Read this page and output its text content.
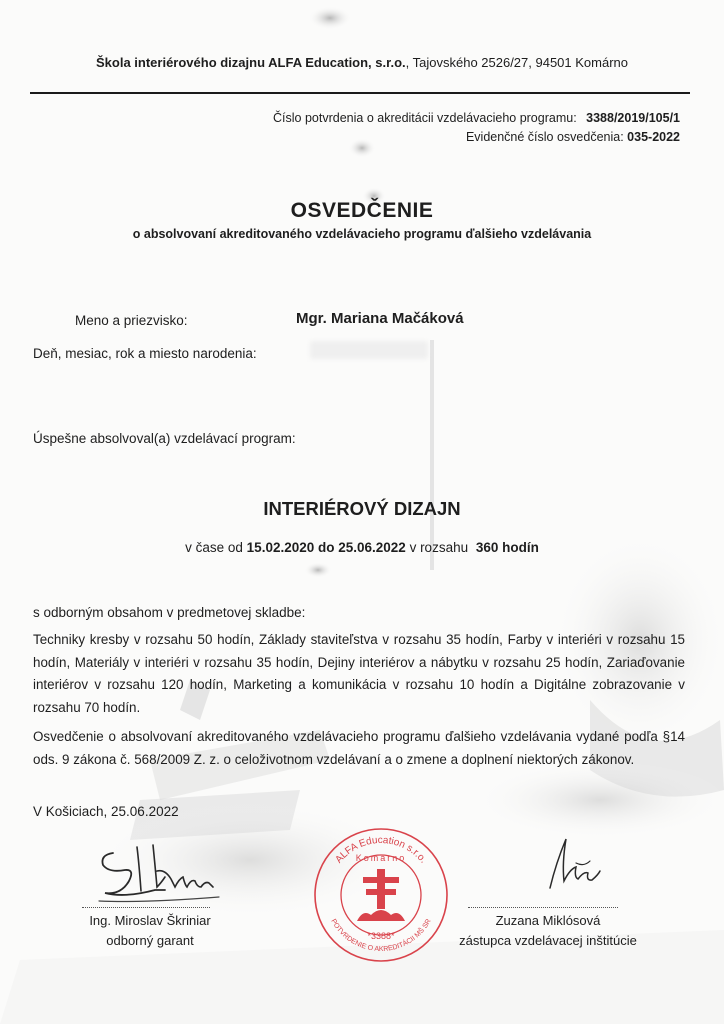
Škola interiérového dizajnu ALFA Education, s.r.o., Tajovského 2526/27, 94501 Komárno
Číslo potvrdenia o akreditácii vzdelávacieho programu: 3388/2019/105/1
Evidenčné číslo osvedčenia: 035-2022
OSVEDČENIE
o absolvovaní akreditovaného vzdelávacieho programu ďalšieho vzdelávania
Meno a priezvisko:	Mgr. Mariana Mačáková
Deň, mesiac, rok a miesto narodenia:
Úspešne absolvoval(a) vzdelávací program:
INTERIÉROVÝ DIZAJN
v čase od 15.02.2020 do 25.06.2022 v rozsahu 360 hodín
s odborným obsahom v predmetovej skladbe:
Techniky kresby v rozsahu 50 hodín, Základy staviteľstva v rozsahu 35 hodín, Farby v interiéri v rozsahu 15 hodín, Materiály v interiéri v rozsahu 35 hodín, Dejiny interiérov a nábytku v rozsahu 25 hodín, Zariaďovanie interiérov v rozsahu 120 hodín, Marketing a komunikácia v rozsahu 10 hodín a Digitálne zobrazovanie v rozsahu 70 hodín.
Osvedčenie o absolvovaní akreditovaného vzdelávacieho programu ďalšieho vzdelávania vydané podľa §14 ods. 9 zákona č. 568/2009 Z. z. o celoživotnom vzdelávaní a o zmene a doplnení niektorých zákonov.
V Košiciach, 25.06.2022
ALFA Education s.r.o.
Komárno
*3388*
POTVRDENIE O AKREDITÁCII MŠ SR
Ing. Miroslav Škriniar
odborný garant
Zuzana Miklósová
zástupca vzdelávacej inštitúcie
